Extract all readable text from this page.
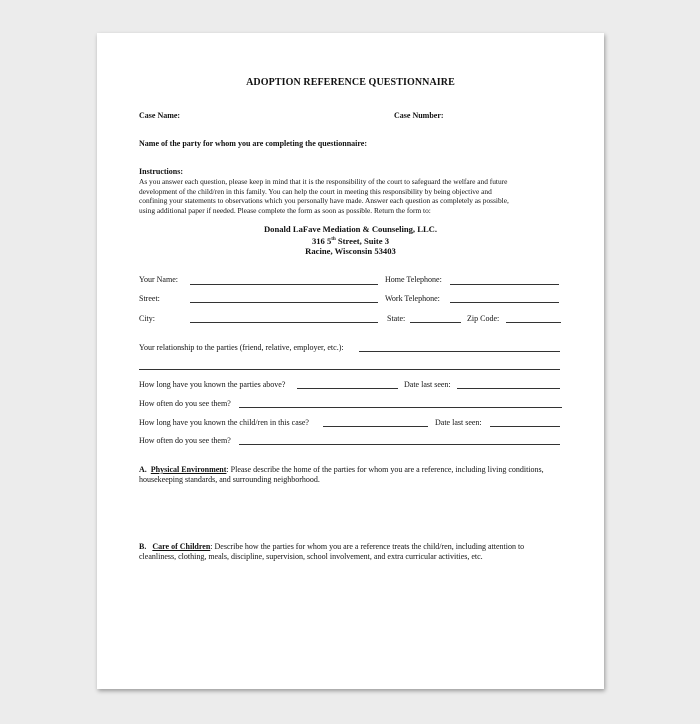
ADOPTION REFERENCE QUESTIONNAIRE
Case Name:	Case Number:
Name of the party for whom you are completing the questionnaire:
Instructions:
As you answer each question, please keep in mind that it is the responsibility of the court to safeguard the welfare and future
development of the child/ren in this family. You can help the court in meeting this responsibility by being objective and
confining your statements to observations which you personally have made. Answer each question as completely as possible,
using additional paper if needed. Please complete the form as soon as possible. Return the form to:
Donald LaFave Mediation & Counseling, LLC.
316 5th Street, Suite 3
Racine, Wisconsin 53403
Your Name:	Home Telephone:
Street:	Work Telephone:
City:	State:	Zip Code:
Your relationship to the parties (friend, relative, employer, etc.):
How long have you known the parties above?	Date last seen:
How often do you see them?
How long have you known the child/ren in this case?	Date last seen:
How often do you see them?
A. Physical Environment: Please describe the home of the parties for whom you are a reference, including living conditions,
housekeeping standards, and surrounding neighborhood.
B. Care of Children: Describe how the parties for whom you are a reference treats the child/ren, including attention to
cleanliness, clothing, meals, discipline, supervision, school involvement, and extra curricular activities, etc.
